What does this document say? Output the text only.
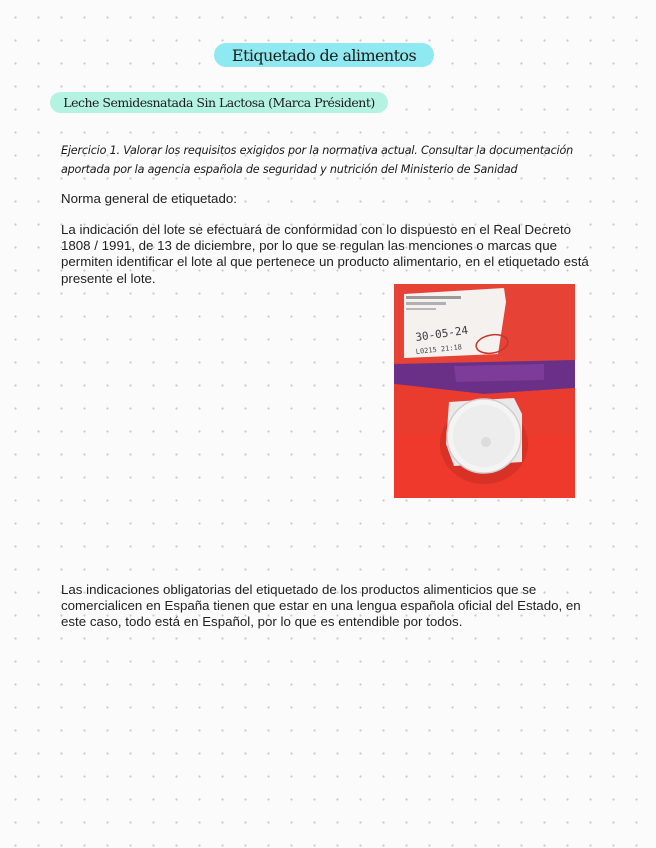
Etiquetado de alimentos
Leche Semidesnatada Sin Lactosa (Marca Président)
Ejercicio 1. Valorar los requisitos exigidos por la normativa actual. Consultar la documentación aportada por la agencia española de seguridad y nutrición del Ministerio de Sanidad
Norma general de etiquetado:
La indicación del lote se efectuará de conformidad con lo dispuesto en el Real Decreto 1808 / 1991, de 13 de diciembre, por lo que se regulan las menciones o marcas que permiten identificar el lote al que pertenece un producto alimentario, en el etiquetado está presente el lote.
30-05-24
L0215 21:18
Las indicaciones obligatorias del etiquetado de los productos alimenticios que se comercialicen en España tienen que estar en una lengua española oficial del Estado, en este caso, todo está en Español, por lo que es entendible por todos.
